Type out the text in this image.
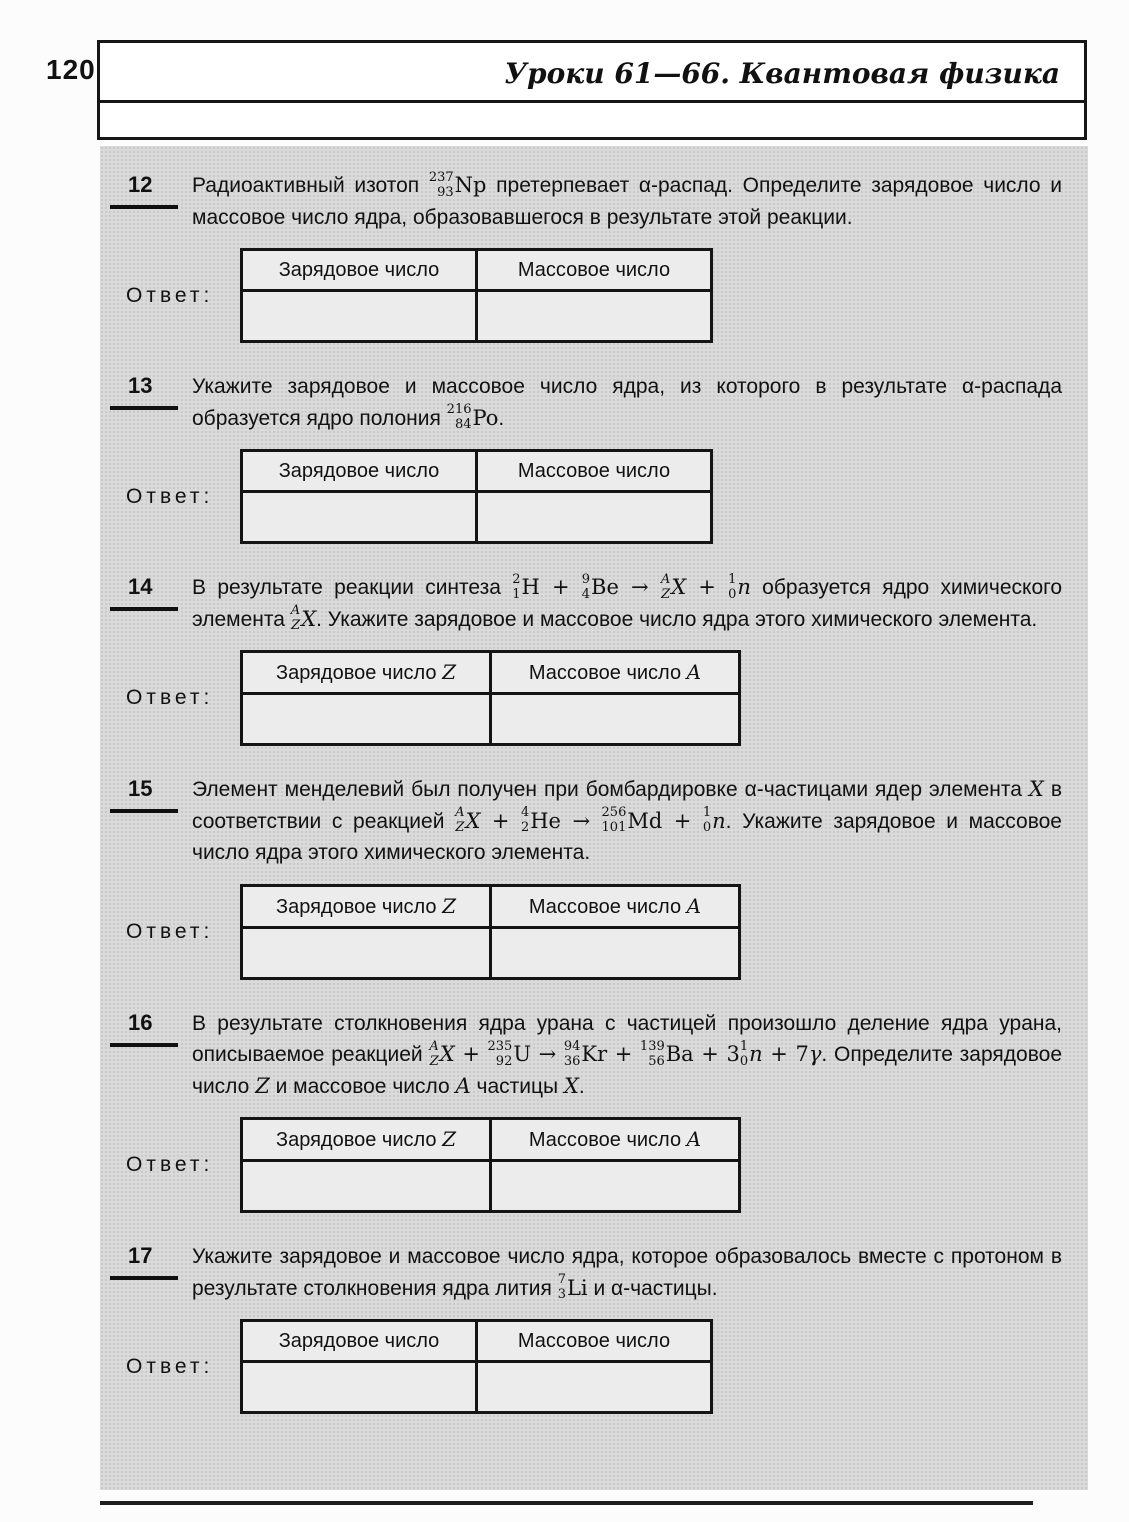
120	Уроки 61—66. Квантовая физика
12	Радиоактивный изотоп 237
93 Np претерпевает α-распад. Определите зарядовое число и массовое число ядра, образовавшегося в результате этой реакции.

Ответ:
Зарядовое число	Массовое число

13	Укажите зарядовое и массовое число ядра, из которого в результате α-распада образуется ядро полония 216
84 Po.

Ответ:
Зарядовое число	Массовое число

14	В результате реакции синтеза 2
1 H + 9
4 Be → A
Z X + 1
0 n образуется ядро химического элемента A
Z X. Укажите зарядовое и массовое число ядра этого химического элемента.

Ответ:
Зарядовое число Z	Массовое число A

15	Элемент менделевий был получен при бомбардировке α-частицами ядер элемента X в соответствии с реакцией A
Z X + 4
2 He → 256
101 Md + 1
0 n. Укажите зарядовое и массовое число ядра этого химического элемента.

Ответ:
Зарядовое число Z	Массовое число A

16	В результате столкновения ядра урана с частицей произошло деление ядра урана, описываемое реакцией A
Z X + 235
92 U → 94
36 Kr + 139
56 Ba + 3 1
0 n + 7γ. Определите зарядовое число Z и массовое число A частицы X.

Ответ:
Зарядовое число Z	Массовое число A

17	Укажите зарядовое и массовое число ядра, которое образовалось вместе с протоном в результате столкновения ядра лития 7
3 Li и α-частицы.

Ответ:
Зарядовое число	Массовое число
